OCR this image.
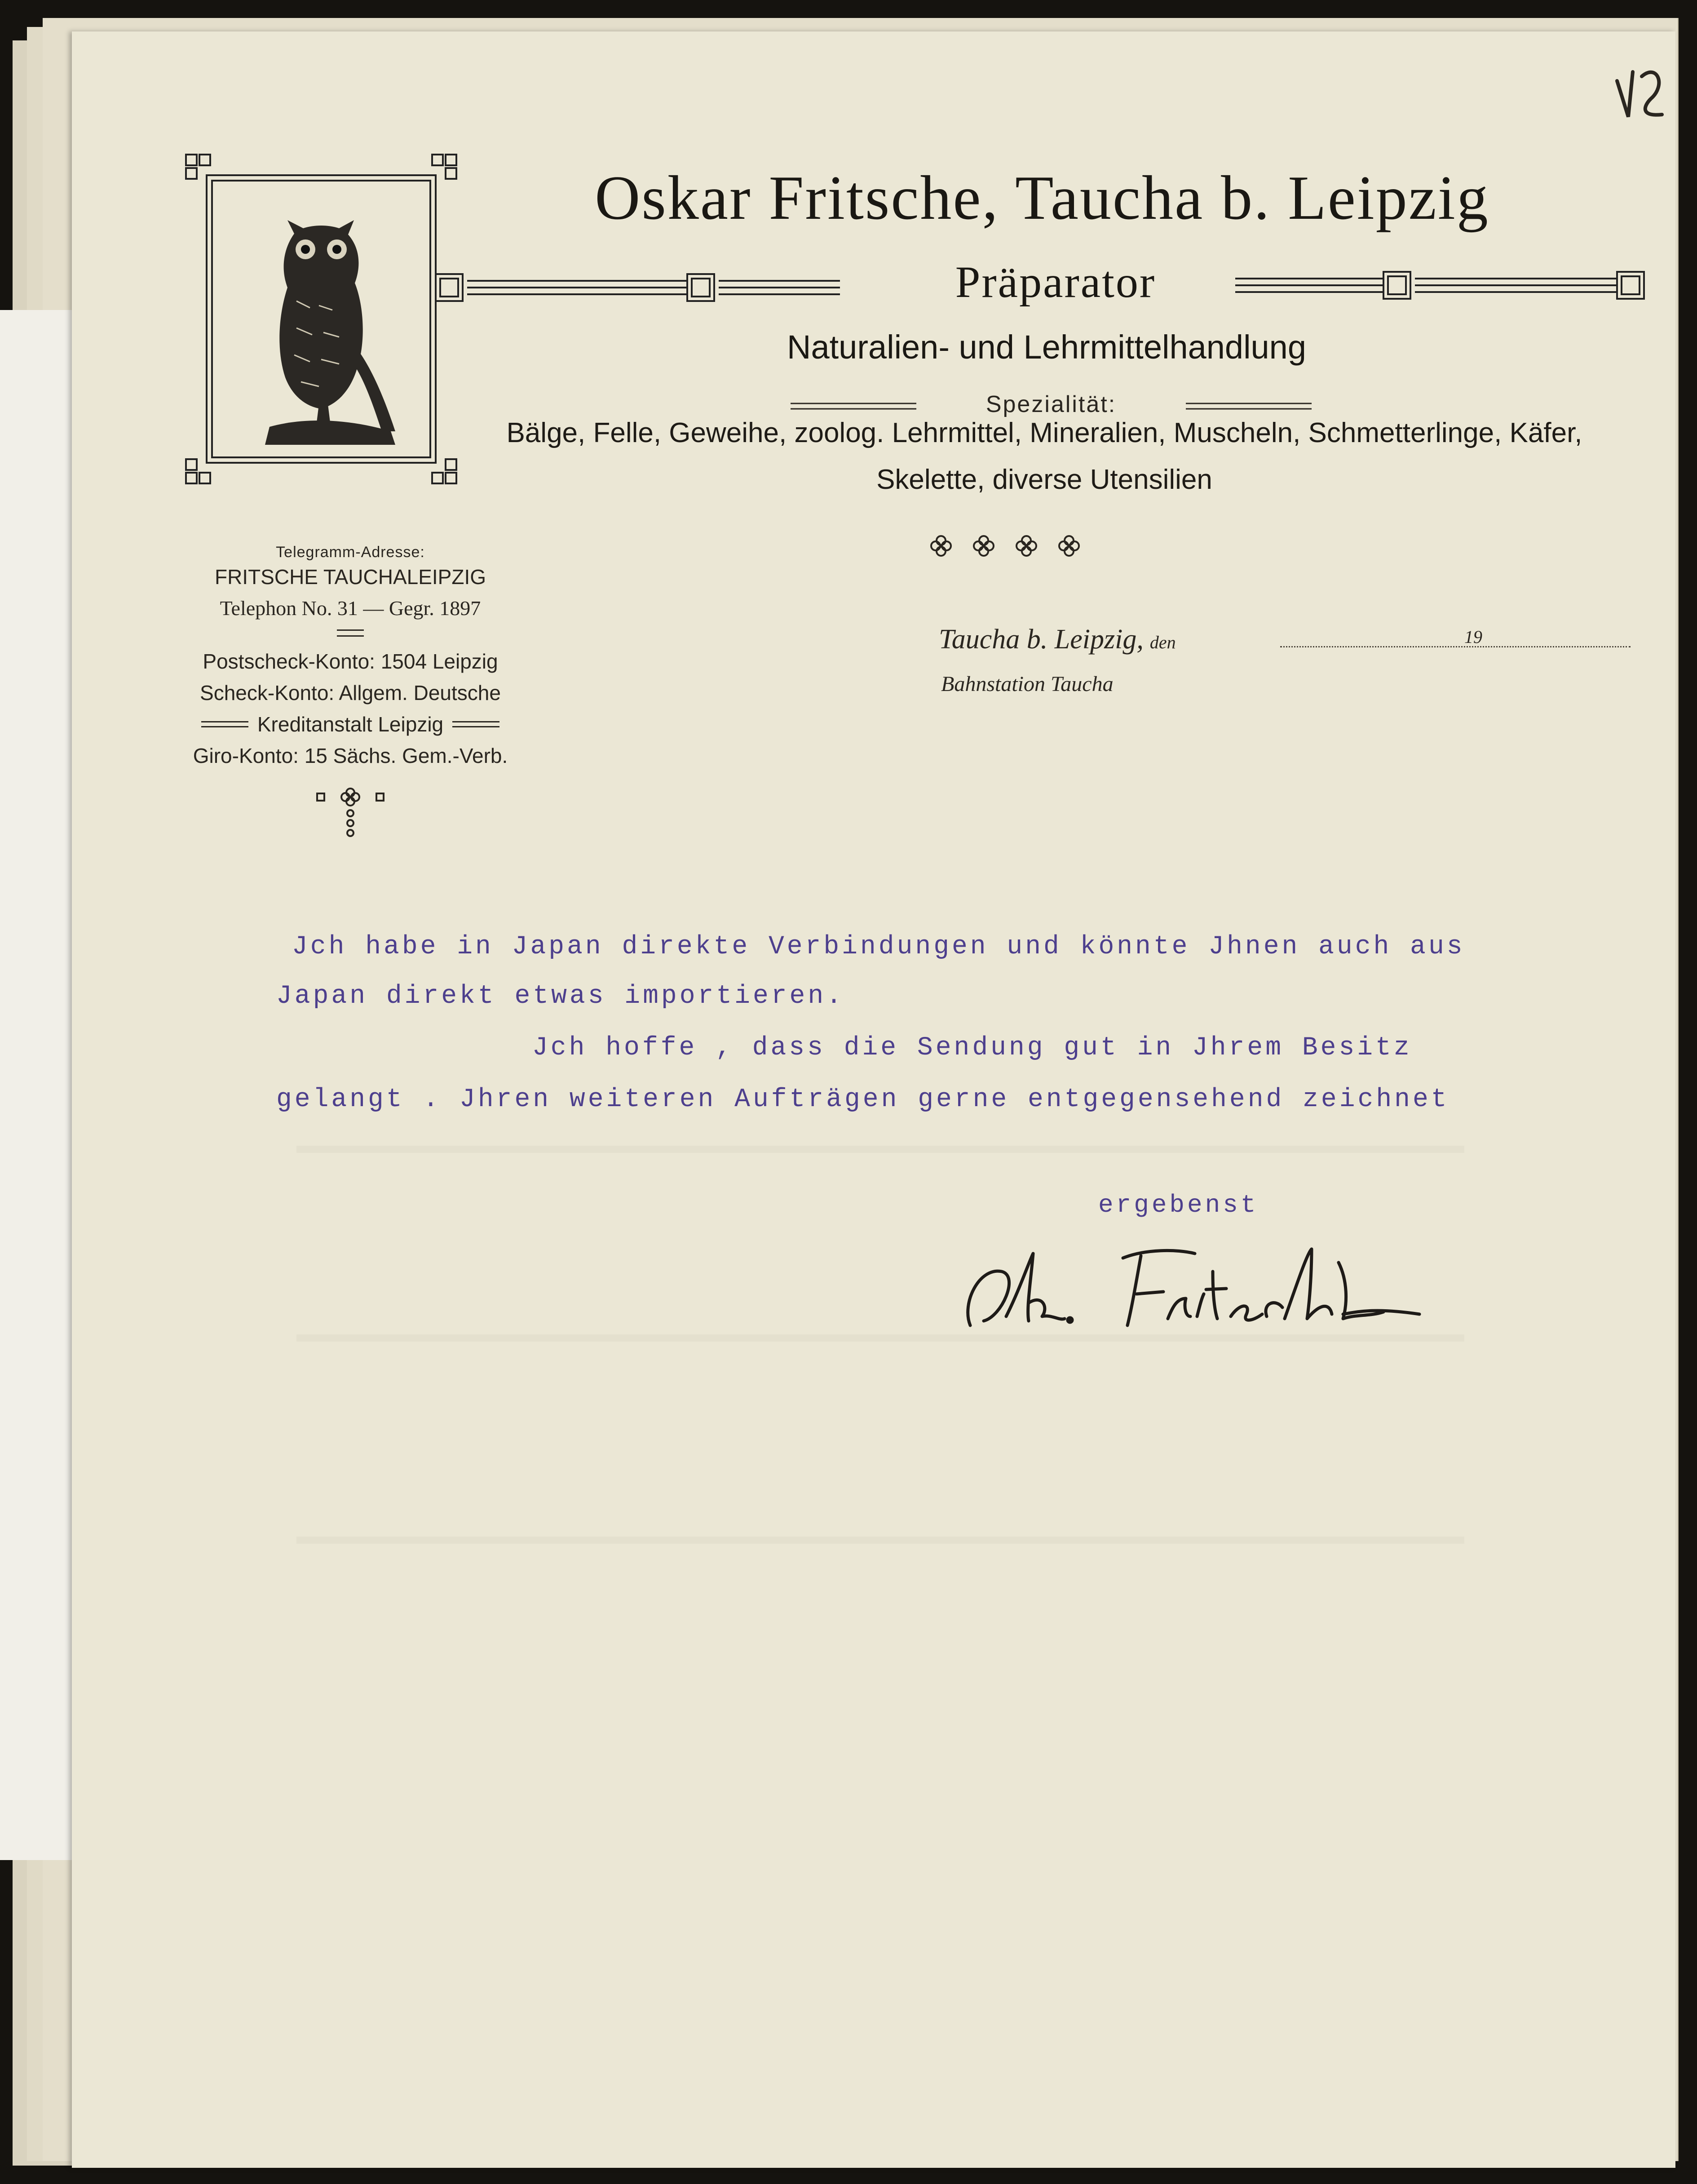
Oskar Fritsche, Taucha b. Leipzig
Präparator
Naturalien- und Lehrmittelhandlung
Spezialität:
Bälge, Felle, Geweihe, zoolog. Lehrmittel, Mineralien, Muscheln, Schmetterlinge, Käfer,
Skelette, diverse Utensilien
Telegramm-Adresse:
FRITSCHE TAUCHALEIPZIG
Telephon No. 31 — Gegr. 1897
Postscheck-Konto: 1504 Leipzig
Scheck-Konto: Allgem. Deutsche
Kreditanstalt Leipzig
Giro-Konto: 15 Sächs. Gem.-Verb.
Taucha b. Leipzig, den	19
Bahnstation Taucha
Jch habe in Japan direkte Verbindungen und könnte Jhnen auch aus
Japan direkt etwas importieren.
Jch hoffe , dass die Sendung gut in Jhrem Besitz
gelangt . Jhren weiteren Aufträgen gerne entgegensehend zeichnet
ergebenst
